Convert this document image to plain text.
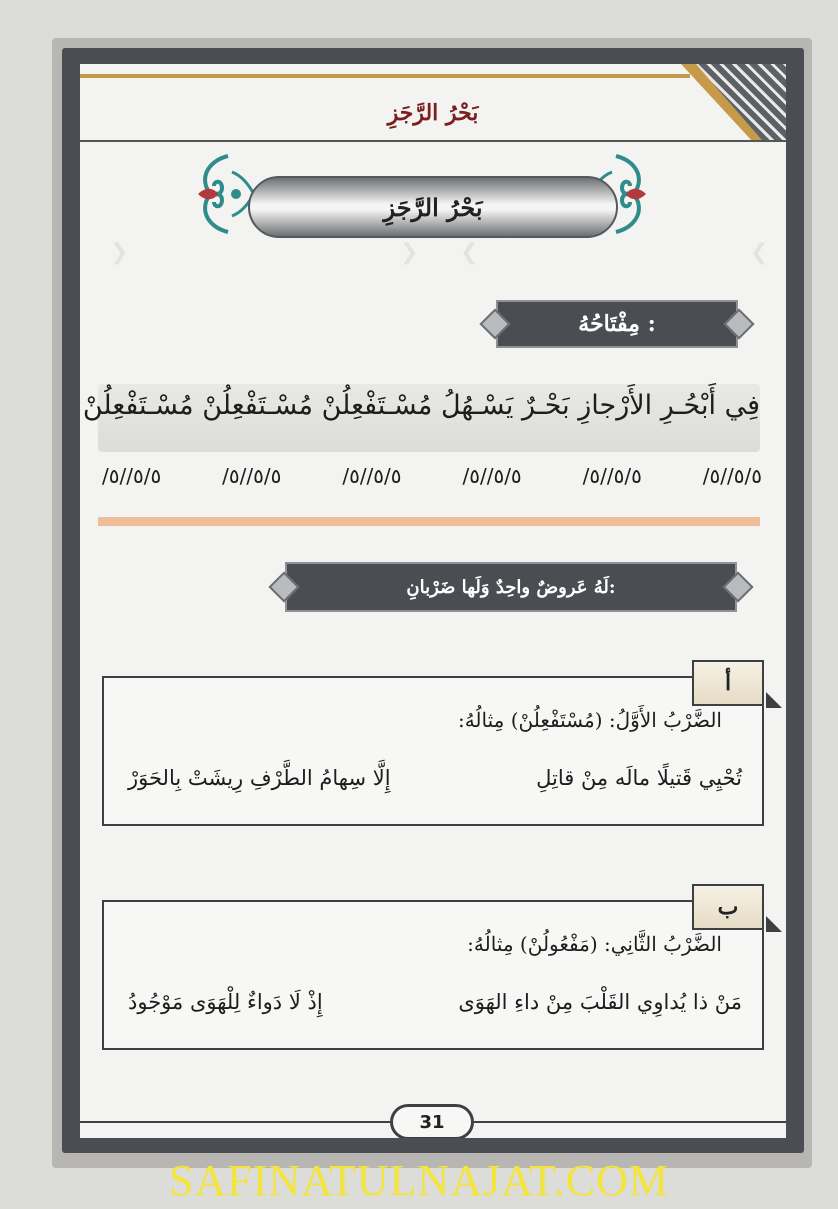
بَحْرُ الرَّجَزِ
❯	❯ ❮	❮
بَحْرُ الرَّجَزِ
مِفْتَاحُهُ :
فِي أَبْحُـرِ الأَرْجازِ بَحْـرٌ يَسْـهُلُ مُسْـتَفْعِلُنْ مُسْـتَفْعِلُنْ مُسْـتَفْعِلُنْ
/٥/٥//٥
/٥/٥//٥
/٥/٥//٥
/٥/٥//٥
/٥/٥//٥
/٥/٥//٥
لَهُ عَروضٌ واحِدٌ وَلَها ضَرْبانِ:
الضَّرْبُ الأَوَّلُ: (مُسْتَفْعِلُنْ) مِثالُهُ:
تُحْيِي قَتيلًا مالَه مِنْ قاتِلِ
إِلَّا سِهامُ الطَّرْفِ رِيشَتْ بِالحَوَرْ
أ
الضَّرْبُ الثَّانِي: (مَفْعُولُنْ) مِثالُهُ:
مَنْ ذا يُداوِي القَلْبَ مِنْ داءِ الهَوَى
إِذْ لَا دَواءٌ لِلْهَوَى مَوْجُودُ
ب
31
SAFINATULNAJAT.COM
